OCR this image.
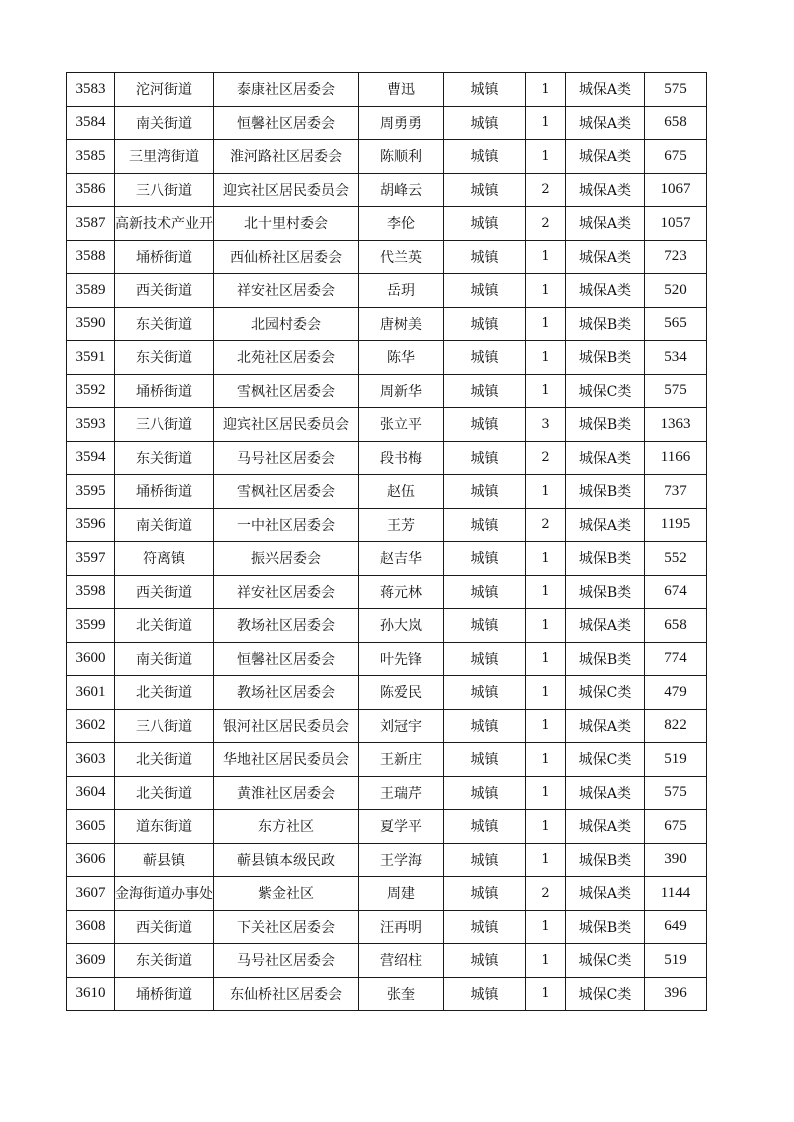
3583	沱河街道	泰康社区居委会	曹迅	城镇	1	城保A类	575
3584	南关街道	恒馨社区居委会	周勇勇	城镇	1	城保A类	658
3585	三里湾街道	淮河路社区居委会	陈顺利	城镇	1	城保A类	675
3586	三八街道	迎宾社区居民委员会	胡峰云	城镇	2	城保A类	1067
3587	高新技术产业开	北十里村委会	李伦	城镇	2	城保A类	1057
3588	埇桥街道	西仙桥社区居委会	代兰英	城镇	1	城保A类	723
3589	西关街道	祥安社区居委会	岳玥	城镇	1	城保A类	520
3590	东关街道	北园村委会	唐树美	城镇	1	城保B类	565
3591	东关街道	北苑社区居委会	陈华	城镇	1	城保B类	534
3592	埇桥街道	雪枫社区居委会	周新华	城镇	1	城保C类	575
3593	三八街道	迎宾社区居民委员会	张立平	城镇	3	城保B类	1363
3594	东关街道	马号社区居委会	段书梅	城镇	2	城保A类	1166
3595	埇桥街道	雪枫社区居委会	赵伍	城镇	1	城保B类	737
3596	南关街道	一中社区居委会	王芳	城镇	2	城保A类	1195
3597	符离镇	振兴居委会	赵吉华	城镇	1	城保B类	552
3598	西关街道	祥安社区居委会	蒋元林	城镇	1	城保B类	674
3599	北关街道	教场社区居委会	孙大岚	城镇	1	城保A类	658
3600	南关街道	恒馨社区居委会	叶先锋	城镇	1	城保B类	774
3601	北关街道	教场社区居委会	陈爱民	城镇	1	城保C类	479
3602	三八街道	银河社区居民委员会	刘冠宇	城镇	1	城保A类	822
3603	北关街道	华地社区居民委员会	王新庄	城镇	1	城保C类	519
3604	北关街道	黄淮社区居委会	王瑞芹	城镇	1	城保A类	575
3605	道东街道	东方社区	夏学平	城镇	1	城保A类	675
3606	蕲县镇	蕲县镇本级民政	王学海	城镇	1	城保B类	390
3607	金海街道办事处	紫金社区	周建	城镇	2	城保A类	1144
3608	西关街道	下关社区居委会	汪再明	城镇	1	城保B类	649
3609	东关街道	马号社区居委会	营绍柱	城镇	1	城保C类	519
3610	埇桥街道	东仙桥社区居委会	张奎	城镇	1	城保C类	396
